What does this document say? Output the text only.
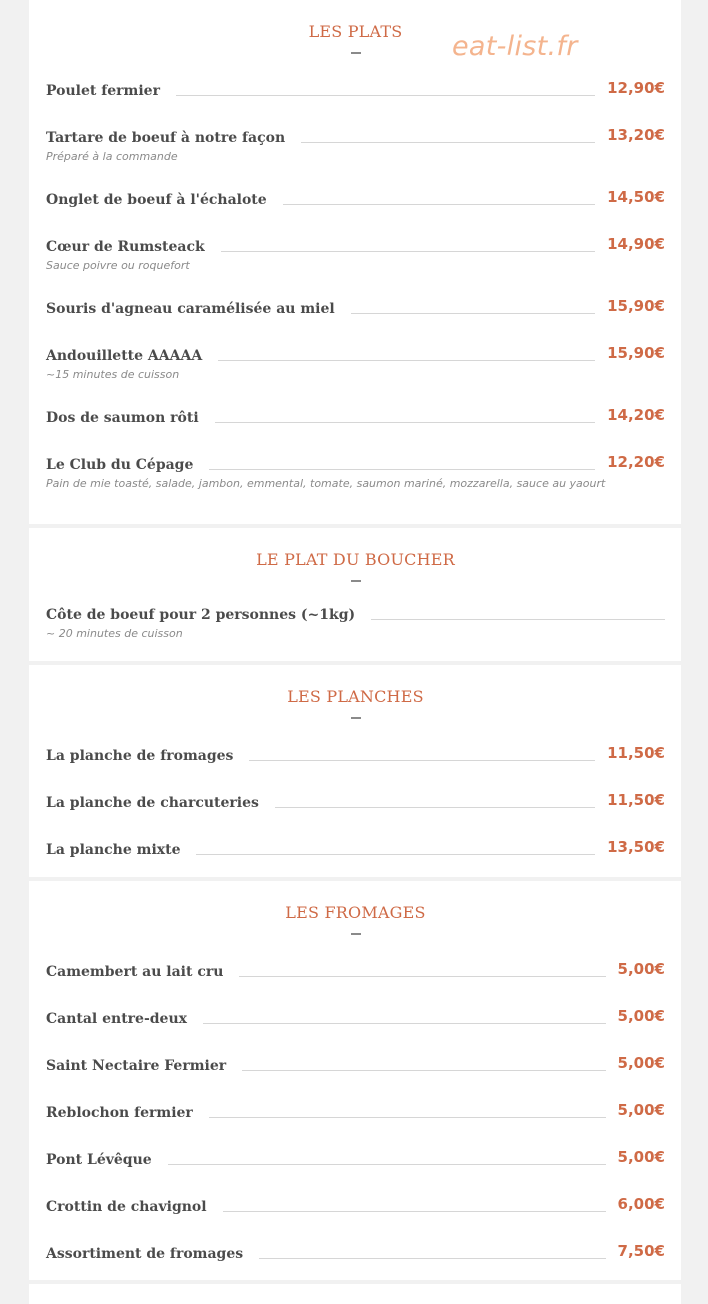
LES PLATS
Poulet fermier	12,90€
Tartare de boeuf à notre façon	13,20€
Préparé à la commande
Onglet de boeuf à l'échalote	14,50€
Cœur de Rumsteack	14,90€
Sauce poivre ou roquefort
Souris d'agneau caramélisée au miel	15,90€
Andouillette AAAAA	15,90€
~15 minutes de cuisson
Dos de saumon rôti	14,20€
Le Club du Cépage	12,20€
Pain de mie toasté, salade, jambon, emmental, tomate, saumon mariné, mozzarella, sauce au yaourt
LE PLAT DU BOUCHER
Côte de boeuf pour 2 personnes (~1kg)
~ 20 minutes de cuisson
LES PLANCHES
La planche de fromages	11,50€
La planche de charcuteries	11,50€
La planche mixte	13,50€
LES FROMAGES
Camembert au lait cru	5,00€
Cantal entre-deux	5,00€
Saint Nectaire Fermier	5,00€
Reblochon fermier	5,00€
Pont Lévêque	5,00€
Crottin de chavignol	6,00€
Assortiment de fromages	7,50€
eat-list.fr
